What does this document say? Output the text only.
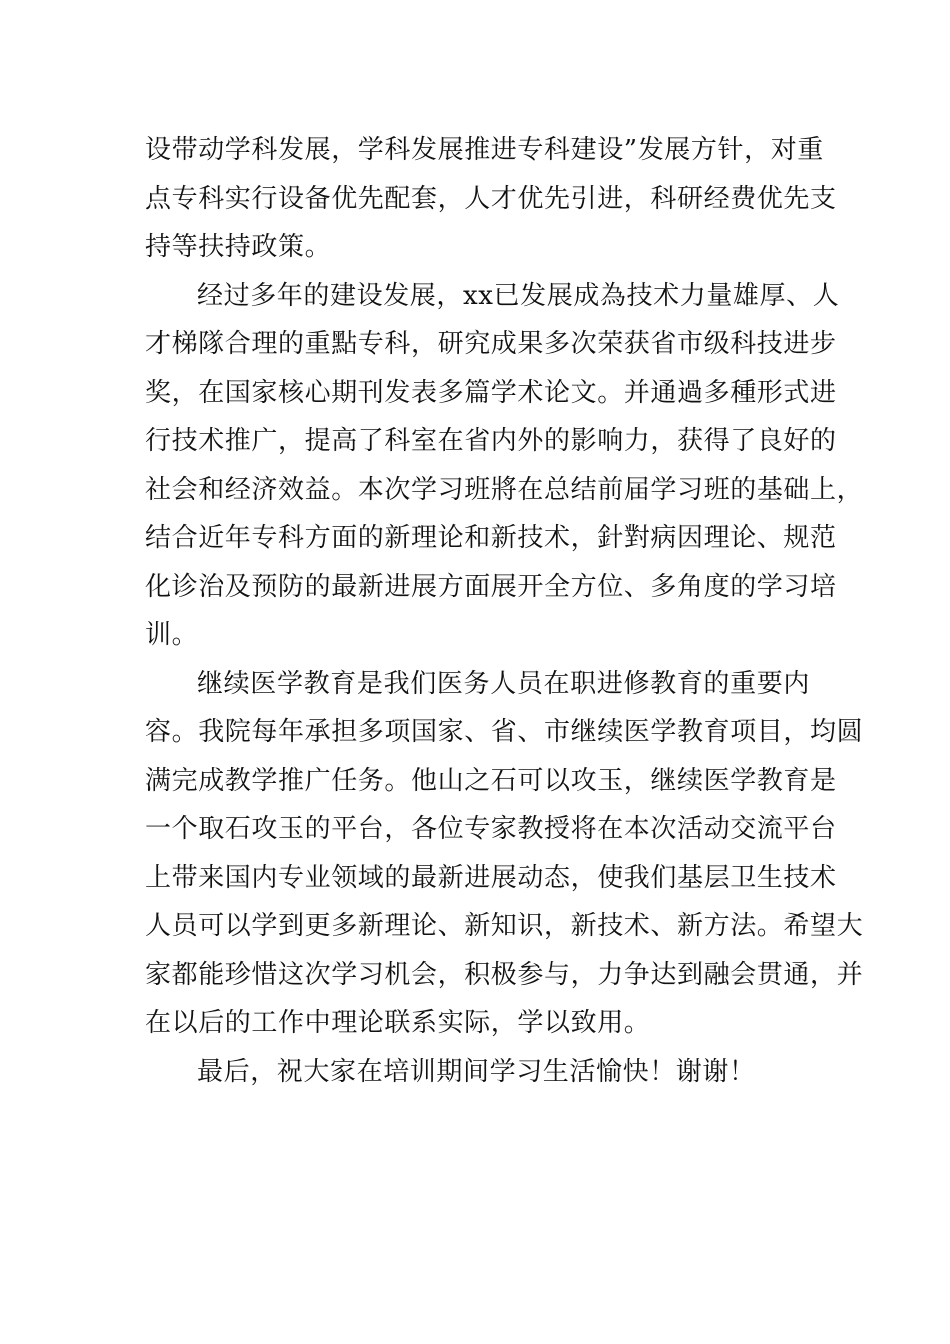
设带动学科发展，学科发展推进专科建设”发展方针，对重
点专科实行设备优先配套，人才优先引进，科研经费优先支
持等扶持政策。
经过多年的建设发展，xx已发展成為技术力量雄厚、人
才梯隊合理的重點专科，研究成果多次荣获省市级科技进步
奖，在国家核心期刊发表多篇学术论文。并通過多種形式进
行技术推广，提高了科室在省内外的影响力，获得了良好的
社会和经济效益。本次学习班將在总结前届学习班的基础上，
结合近年专科方面的新理论和新技术，針對病因理论、规范
化诊治及预防的最新进展方面展开全方位、多角度的学习培
训。
继续医学教育是我们医务人员在职进修教育的重要内
容。我院每年承担多项国家、省、市继续医学教育项目，均圆
满完成教学推广任务。他山之石可以攻玉，继续医学教育是
一个取石攻玉的平台，各位专家教授将在本次活动交流平台
上带来国内专业领域的最新进展动态，使我们基层卫生技术
人员可以学到更多新理论、新知识，新技术、新方法。希望大
家都能珍惜这次学习机会，积极参与，力争达到融会贯通，并
在以后的工作中理论联系实际，学以致用。
最后，祝大家在培训期间学习生活愉快！谢谢！
